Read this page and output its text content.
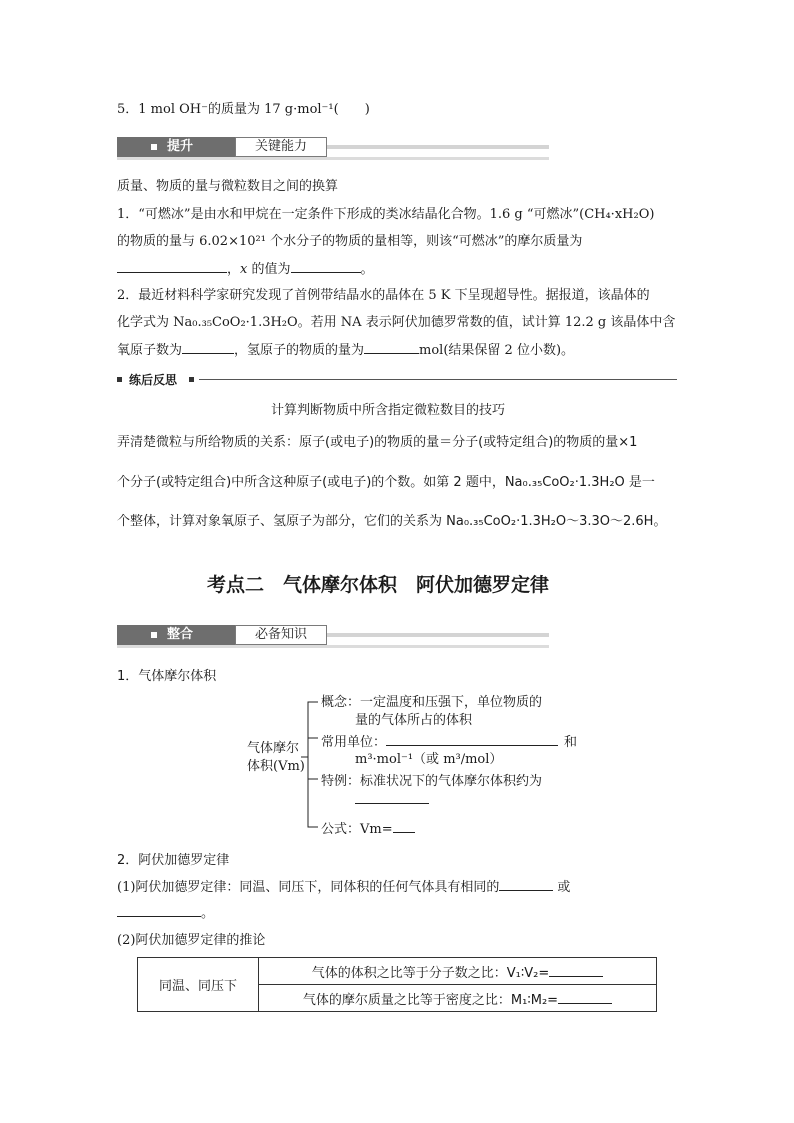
5．1 mol OH⁻的质量为 17 g·mol⁻¹(　　)
提升	关键能力
质量、物质的量与微粒数目之间的换算
1．“可燃冰”是由水和甲烷在一定条件下形成的类冰结晶化合物。1.6 g “可燃冰”(CH₄·xH₂O)
的物质的量与 6.02×10²¹ 个水分子的物质的量相等，则该“可燃冰”的摩尔质量为
，x 的值为	。
2．最近材料科学家研究发现了首例带结晶水的晶体在 5 K 下呈现超导性。据报道，该晶体的
化学式为 Na₀.₃₅CoO₂·1.3H₂O。若用 NA 表示阿伏加德罗常数的值，试计算 12.2 g 该晶体中含
氧原子数为	，氢原子的物质的量为	mol(结果保留 2 位小数)。
练后反思
计算判断物质中所含指定微粒数目的技巧
弄清楚微粒与所给物质的关系：原子(或电子)的物质的量＝分子(或特定组合)的物质的量×1
个分子(或特定组合)中所含这种原子(或电子)的个数。如第 2 题中，Na₀.₃₅CoO₂·1.3H₂O 是一
个整体，计算对象氧原子、氢原子为部分，它们的关系为 Na₀.₃₅CoO₂·1.3H₂O～3.3O～2.6H。
考点二　气体摩尔体积　阿伏加德罗定律
整合	必备知识
1．气体摩尔体积
气体摩尔
体积(Vm)
概念：一定温度和压强下，单位物质的
量的气体所占的体积
常用单位：	和
m³·mol⁻¹（或 m³/mol）
特例：标准状况下的气体摩尔体积约为
公式：Vm=
2．阿伏加德罗定律
(1)阿伏加德罗定律：同温、同压下，同体积的任何气体具有相同的	或
。
(2)阿伏加德罗定律的推论
同温、同压下	气体的体积之比等于分子数之比：V₁∶V₂=
气体的摩尔质量之比等于密度之比：M₁∶M₂=
